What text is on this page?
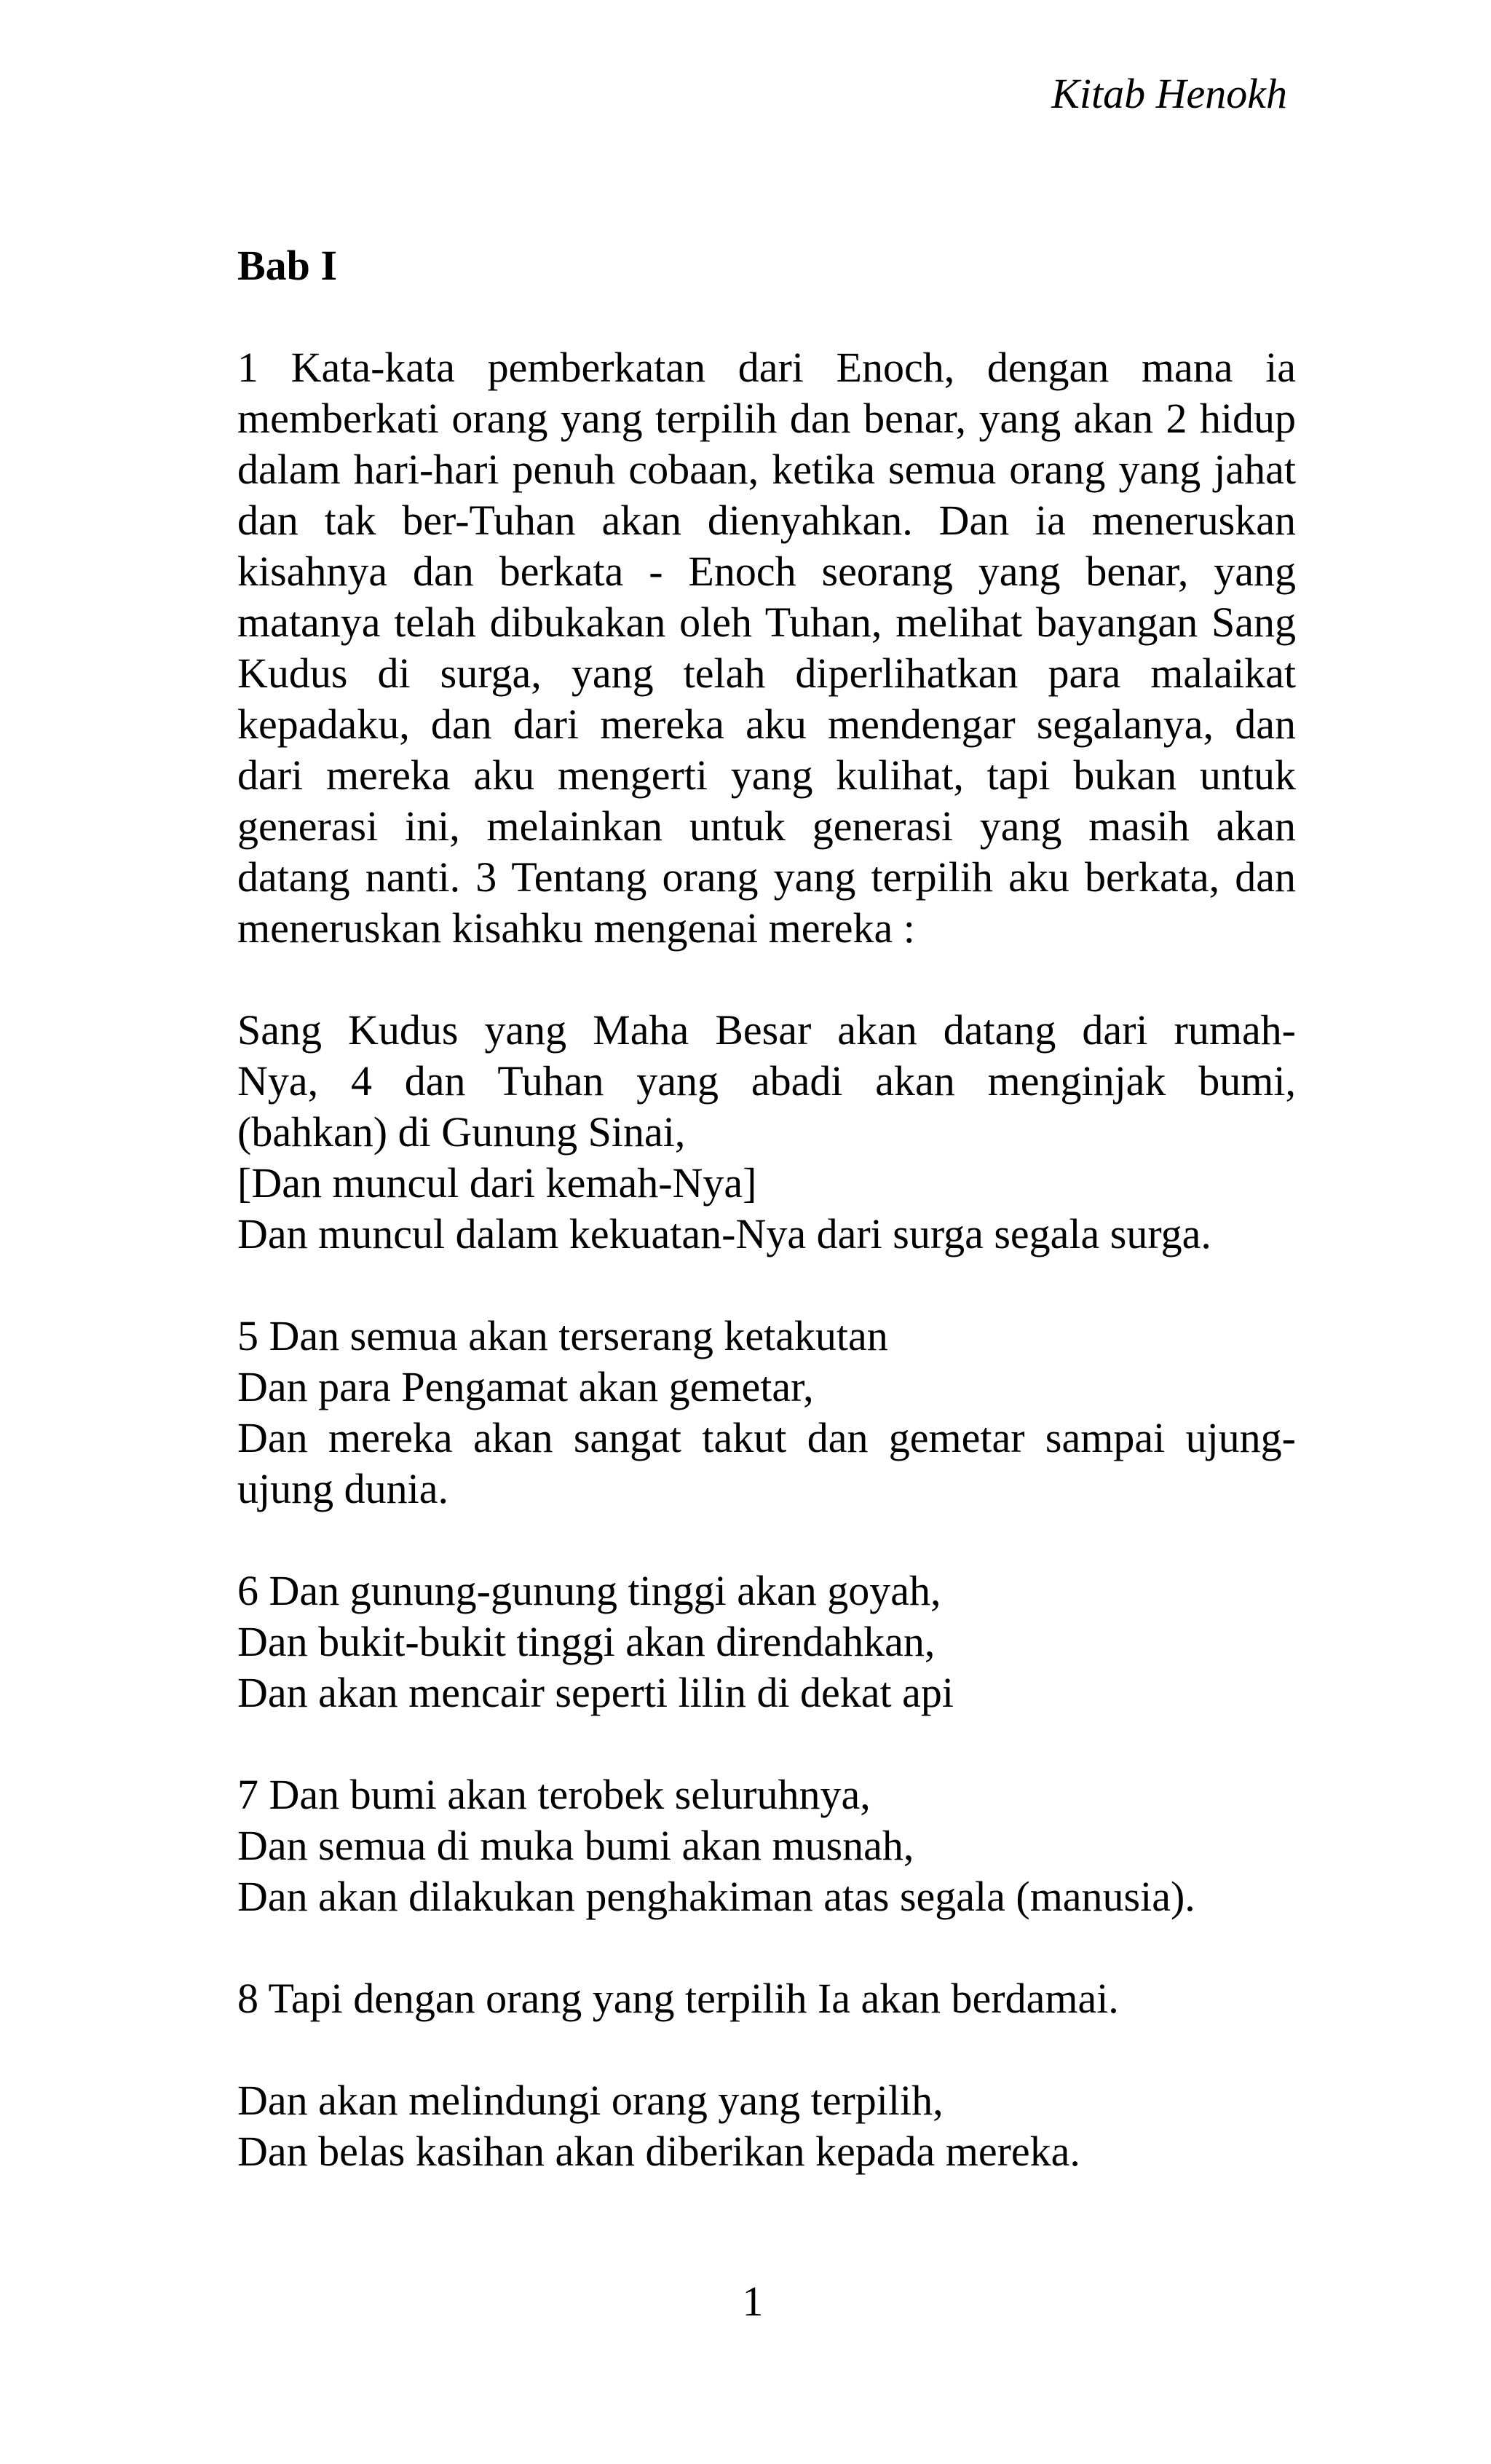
Kitab Henokh
Bab I

1 Kata-kata pemberkatan dari Enoch, dengan mana ia memberkati orang yang terpilih dan benar, yang akan 2 hidup dalam hari-hari penuh cobaan, ketika semua orang yang jahat dan tak ber-Tuhan akan dienyahkan. Dan ia meneruskan kisahnya dan berkata - Enoch seorang yang benar, yang matanya telah dibukakan oleh Tuhan, melihat bayangan Sang Kudus di surga, yang telah diperlihatkan para malaikat kepadaku, dan dari mereka aku mendengar segalanya, dan dari mereka aku mengerti yang kulihat, tapi bukan untuk generasi ini, melainkan untuk generasi yang masih akan datang nanti. 3 Tentang orang yang terpilih aku berkata, dan meneruskan kisahku mengenai mereka :

Sang Kudus yang Maha Besar akan datang dari rumah-
Nya, 4 dan Tuhan yang abadi akan menginjak bumi,
(bahkan) di Gunung Sinai,
[Dan muncul dari kemah-Nya]
Dan muncul dalam kekuatan-Nya dari surga segala surga.
5 Dan semua akan terserang ketakutan
Dan para Pengamat akan gemetar,
Dan mereka akan sangat takut dan gemetar sampai ujung-
ujung dunia.
6 Dan gunung-gunung tinggi akan goyah,
Dan bukit-bukit tinggi akan direndahkan,
Dan akan mencair seperti lilin di dekat api
7 Dan bumi akan terobek seluruhnya,
Dan semua di muka bumi akan musnah,
Dan akan dilakukan penghakiman atas segala (manusia).
8 Tapi dengan orang yang terpilih Ia akan berdamai.
Dan akan melindungi orang yang terpilih,
Dan belas kasihan akan diberikan kepada mereka.
1
